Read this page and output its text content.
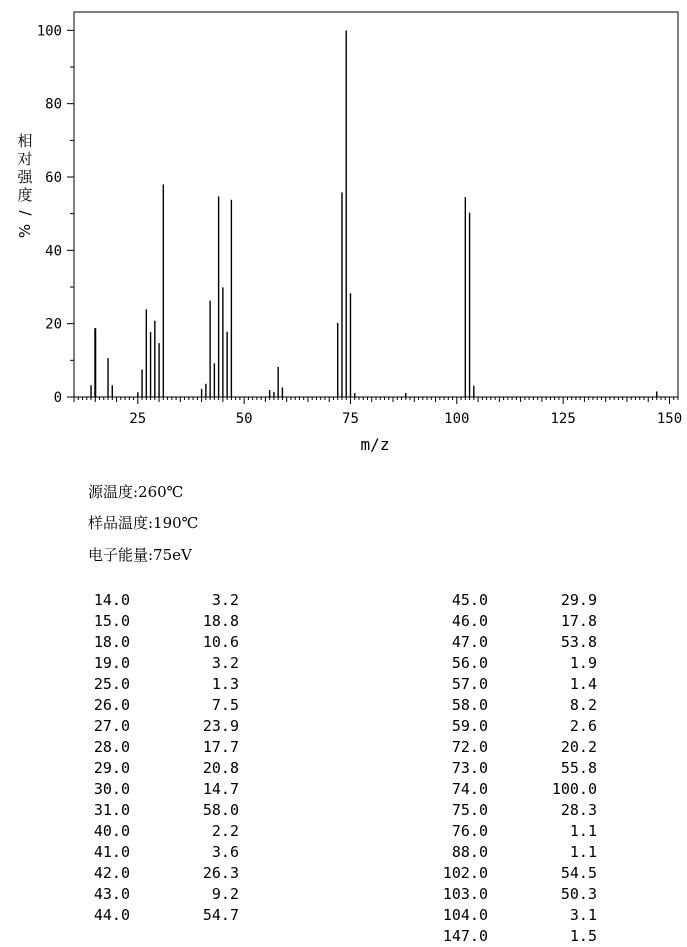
25	50	75	100	125	150
0
20
40
60
80
100
m/z
相
对
强
度
/
%
源温度:260℃
样品温度:190℃
电子能量:75eV
14.0	3.2
15.0	18.8
18.0	10.6
19.0	3.2
25.0	1.3
26.0	7.5
27.0	23.9
28.0	17.7
29.0	20.8
30.0	14.7
31.0	58.0
40.0	2.2
41.0	3.6
42.0	26.3
43.0	9.2
44.0	54.7
45.0	29.9
46.0	17.8
47.0	53.8
56.0	1.9
57.0	1.4
58.0	8.2
59.0	2.6
72.0	20.2
73.0	55.8
74.0	100.0
75.0	28.3
76.0	1.1
88.0	1.1
102.0	54.5
103.0	50.3
104.0	3.1
147.0	1.5
